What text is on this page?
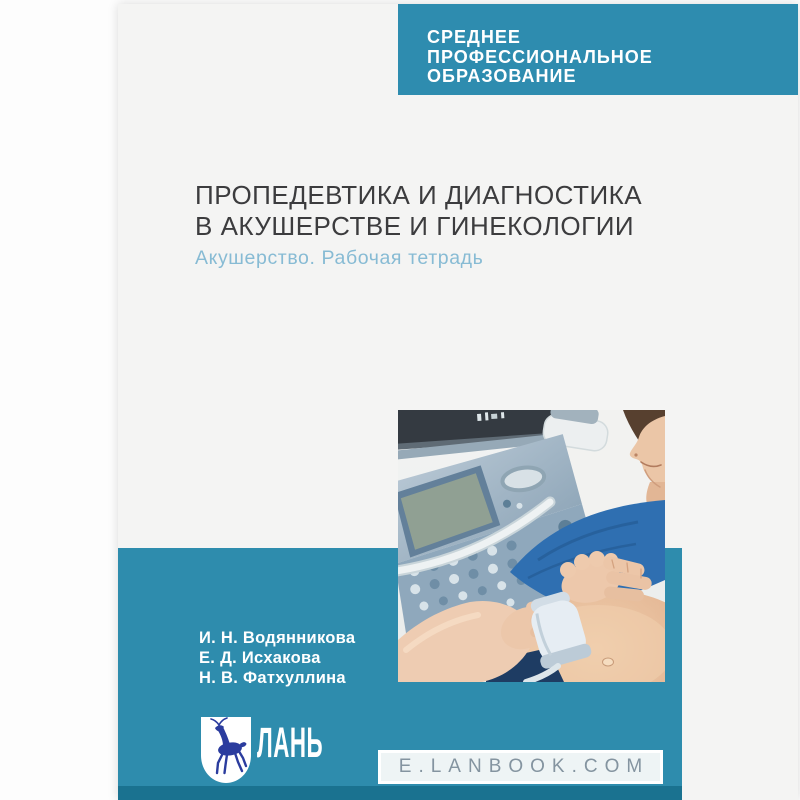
СРЕДНЕЕ
ПРОФЕССИОНАЛЬНОЕ
ОБРАЗОВАНИЕ
ПРОПЕДЕВТИКА И ДИАГНОСТИКА
В АКУШЕРСТВЕ И ГИНЕКОЛОГИИ
Акушерство. Рабочая тетрадь
И. Н. Водянникова
Е. Д. Исхакова
Н. В. Фатхуллина
ЛАНЬ	E.LANBOOK.COM
